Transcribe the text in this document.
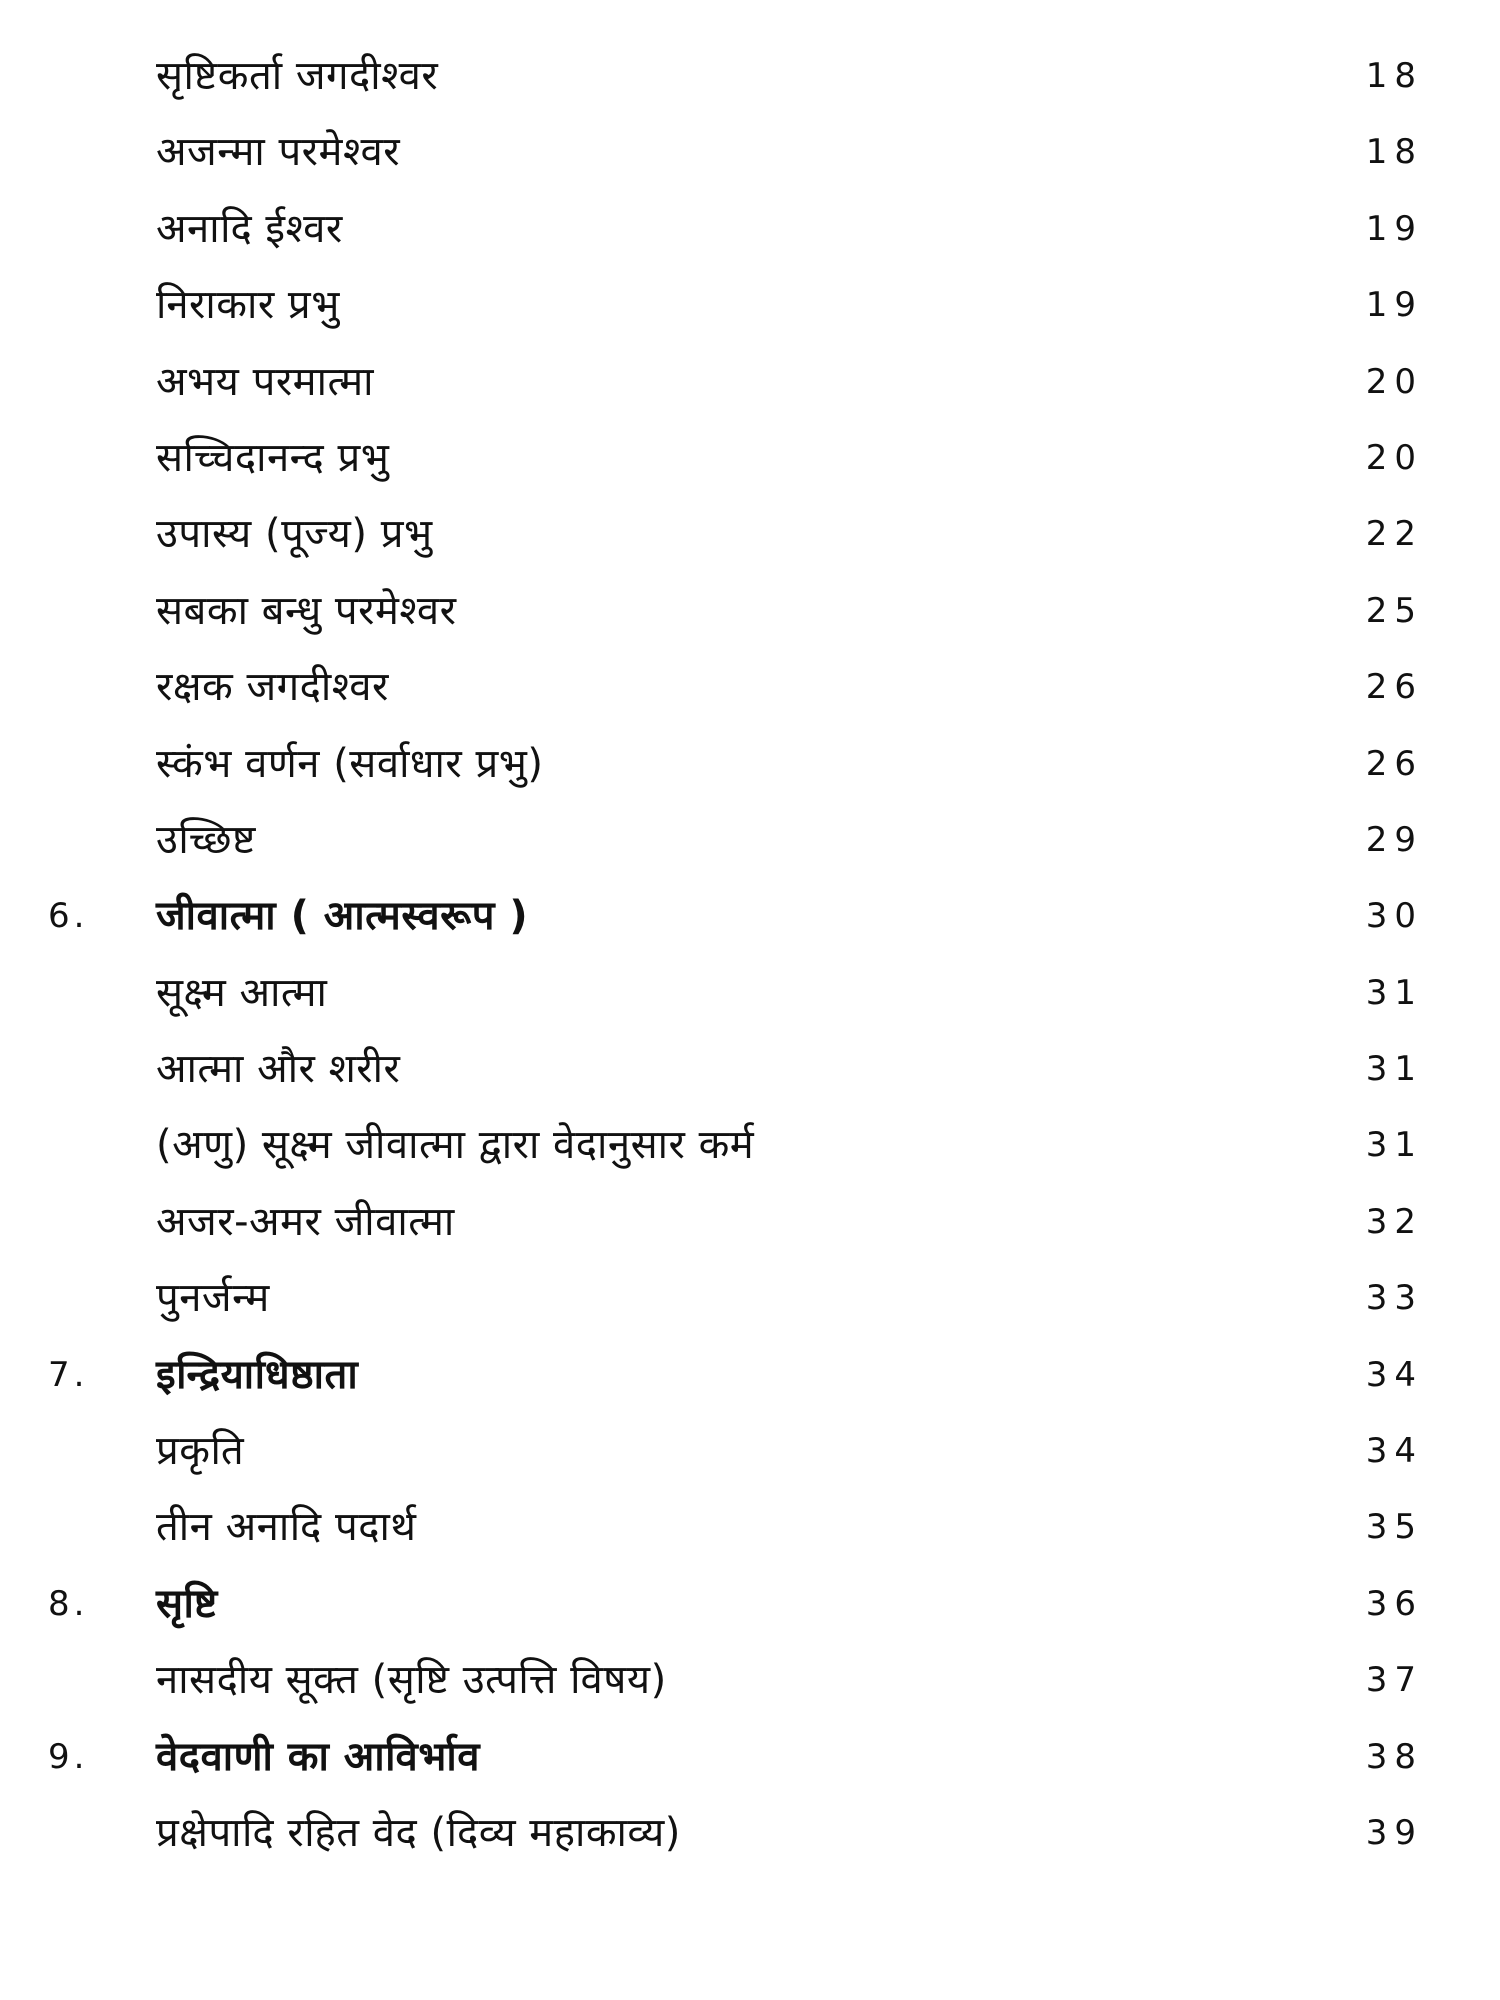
सृष्टिकर्ता जगदीश्वर	18
अजन्मा परमेश्वर	18
अनादि ईश्वर	19
निराकार प्रभु	19
अभय परमात्मा	20
सच्चिदानन्द प्रभु	20
उपास्य (पूज्य) प्रभु	22
सबका बन्धु परमेश्वर	25
रक्षक जगदीश्वर	26
स्कंभ वर्णन (सर्वाधार प्रभु)	26
उच्छिष्ट	29
6. जीवात्मा ( आत्मस्वरूप )	30
सूक्ष्म आत्मा	31
आत्मा और शरीर	31
(अणु) सूक्ष्म जीवात्मा द्वारा वेदानुसार कर्म	31
अजर-अमर जीवात्मा	32
पुनर्जन्म	33
7. इन्द्रियाधिष्ठाता	34
प्रकृति	34
तीन अनादि पदार्थ	35
8. सृष्टि	36
नासदीय सूक्त (सृष्टि उत्पत्ति विषय)	37
9. वेदवाणी का आविर्भाव	38
प्रक्षेपादि रहित वेद (दिव्य महाकाव्य)	39
